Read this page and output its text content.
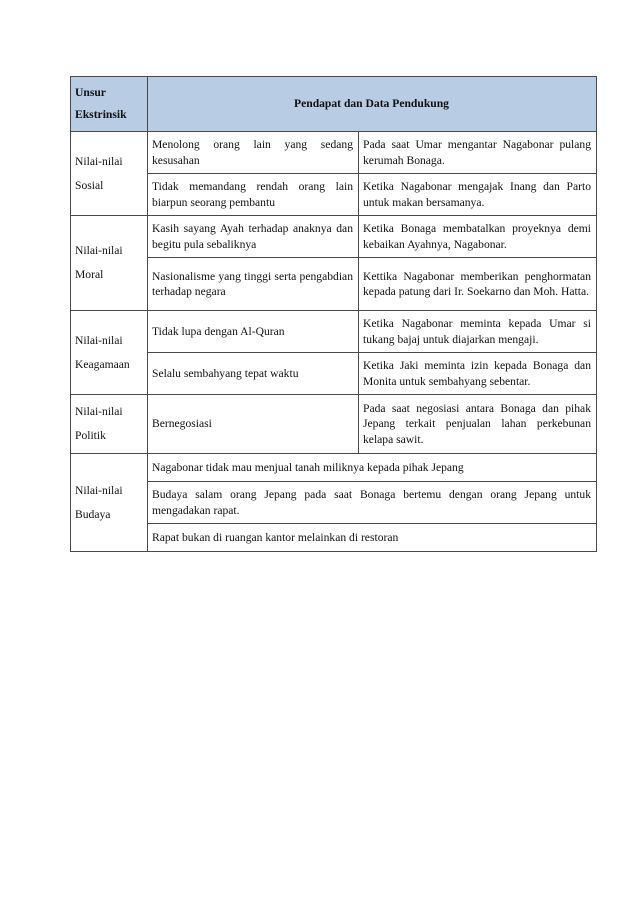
Unsur
Ekstrinsik	Pendapat dan Data Pendukung	
Nilai-nilai
Sosial	Menolong orang lain yang sedang kesusahan	Pada saat Umar mengantar Nagabonar pulang kerumah Bonaga.
	Tidak memandang rendah orang lain biarpun seorang pembantu	Ketika Nagabonar mengajak Inang dan Parto untuk makan bersamanya.
Nilai-nilai
Moral	Kasih sayang Ayah terhadap anaknya dan begitu pula sebaliknya	Ketika Bonaga membatalkan proyeknya demi kebaikan Ayahnya, Nagabonar.
	Nasionalisme yang tinggi serta pengabdian terhadap negara	Kettika Nagabonar memberikan penghormatan kepada patung dari Ir. Soekarno dan Moh. Hatta.
Nilai-nilai
Keagamaan	Tidak lupa dengan Al-Quran	Ketika Nagabonar meminta kepada Umar si tukang bajaj untuk diajarkan mengaji.
	Selalu sembahyang tepat waktu	Ketika Jaki meminta izin kepada Bonaga dan Monita untuk sembahyang sebentar.
Nilai-nilai
Politik	Bernegosiasi	Pada saat negosiasi antara Bonaga dan pihak Jepang terkait penjualan lahan perkebunan kelapa sawit.
Nilai-nilai
Budaya	Nagabonar tidak mau menjual tanah miliknya kepada pihak Jepang	
	Budaya salam orang Jepang pada saat Bonaga bertemu dengan orang Jepang untuk mengadakan rapat.	
	Rapat bukan di ruangan kantor melainkan di restoran	
